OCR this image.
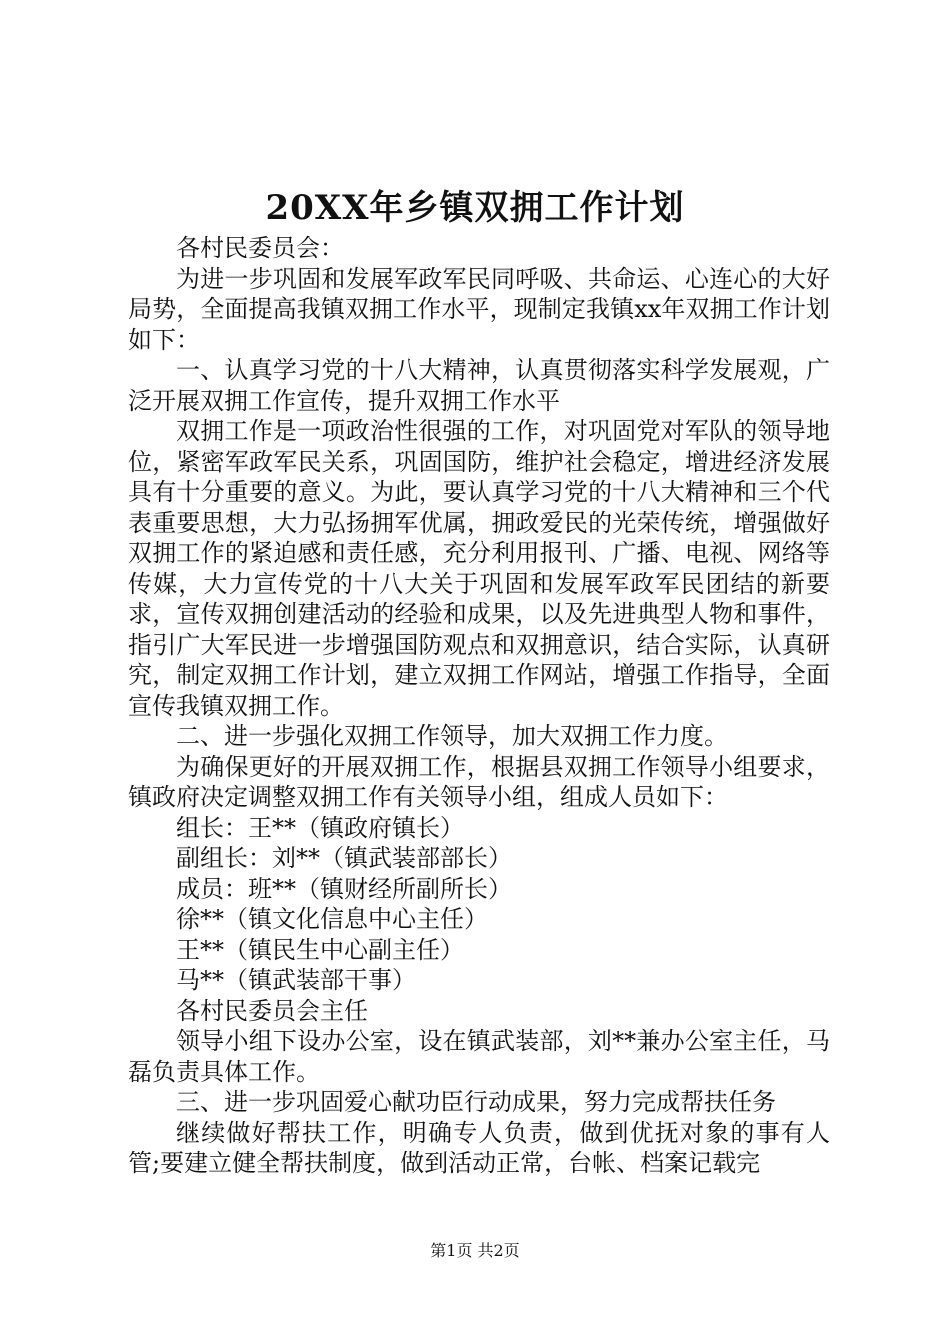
20XX年乡镇双拥工作计划

各村民委员会：

为进一步巩固和发展军政军民同呼吸、共命运、心连心的大好局势，全面提高我镇双拥工作水平，现制定我镇xx年双拥工作计划如下：

一、认真学习党的十八大精神，认真贯彻落实科学发展观，广泛开展双拥工作宣传，提升双拥工作水平

双拥工作是一项政治性很强的工作，对巩固党对军队的领导地位，紧密军政军民关系，巩固国防，维护社会稳定，增进经济发展具有十分重要的意义。为此，要认真学习党的十八大精神和三个代表重要思想，大力弘扬拥军优属，拥政爱民的光荣传统，增强做好双拥工作的紧迫感和责任感，充分利用报刊、广播、电视、网络等传媒，大力宣传党的十八大关于巩固和发展军政军民团结的新要求，宣传双拥创建活动的经验和成果，以及先进典型人物和事件，指引广大军民进一步增强国防观点和双拥意识，结合实际，认真研究，制定双拥工作计划，建立双拥工作网站，增强工作指导，全面宣传我镇双拥工作。

二、进一步强化双拥工作领导，加大双拥工作力度。

为确保更好的开展双拥工作，根据县双拥工作领导小组要求，镇政府决定调整双拥工作有关领导小组，组成人员如下：

组长：王**（镇政府镇长）

副组长：刘**（镇武装部部长）

成员：班**（镇财经所副所长）

徐**（镇文化信息中心主任）

王**（镇民生中心副主任）

马**（镇武装部干事）

各村民委员会主任

领导小组下设办公室，设在镇武装部，刘**兼办公室主任，马磊负责具体工作。

三、进一步巩固爱心献功臣行动成果，努力完成帮扶任务

继续做好帮扶工作，明确专人负责，做到优抚对象的事有人管;要建立健全帮扶制度，做到活动正常，台帐、档案记载完

第1页 共2页
